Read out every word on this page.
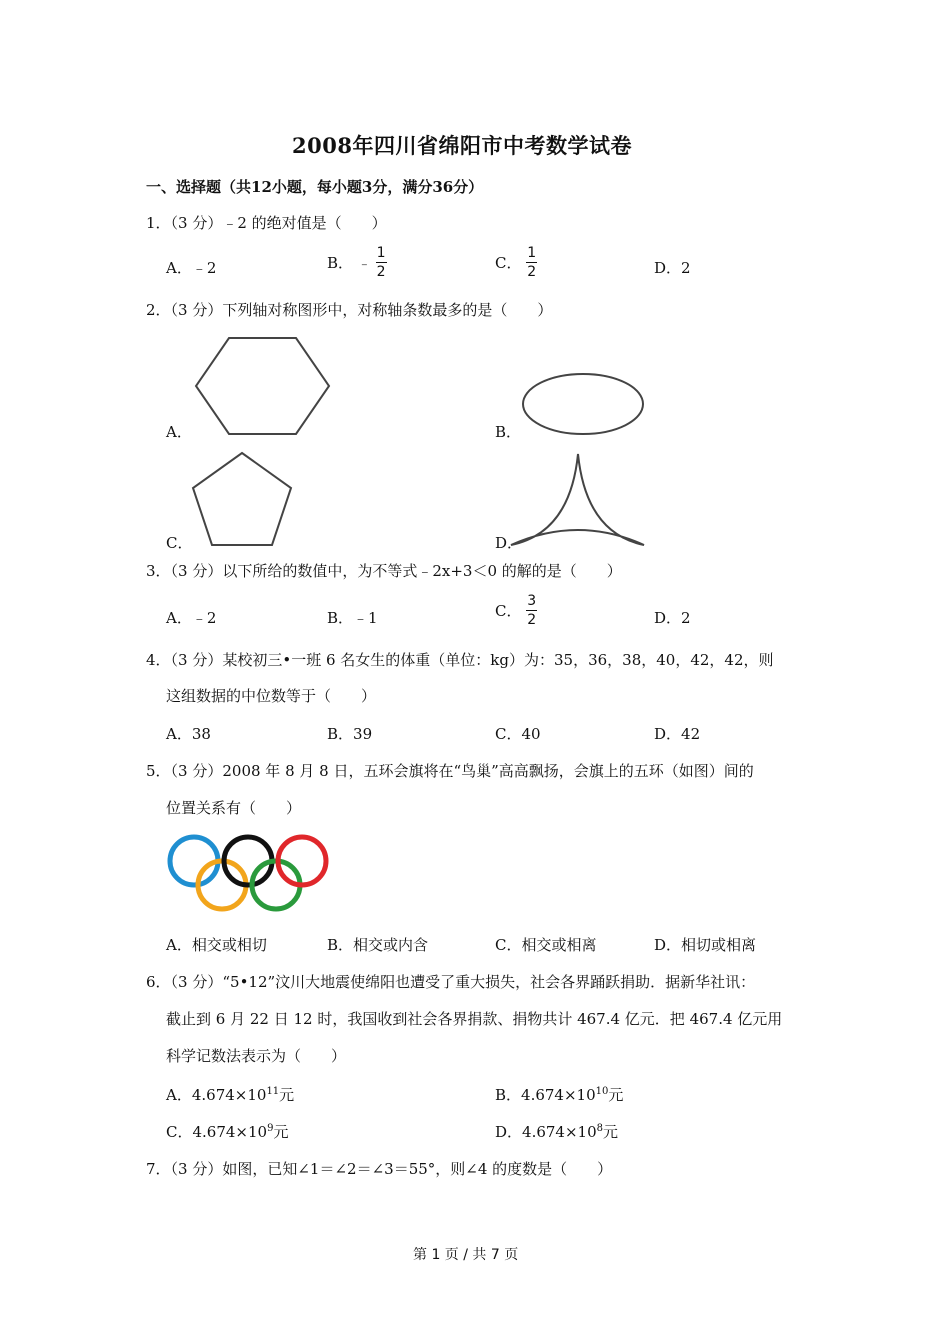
2008年四川省绵阳市中考数学试卷
一、选择题（共12小题，每小题3分，满分36分）
1．（3 分）﹣2 的绝对值是（　　）
A．﹣2	B． ﹣ $\frac{1}{2}$	C． $\frac{1}{2}$	D．2
2．（3 分）下列轴对称图形中，对称轴条数最多的是（　　）
A．	B．
C．	D．
3．（3 分）以下所给的数值中，为不等式﹣2x+3＜0 的解的是（　　）
A．﹣2	B．﹣1	C． $\frac{3}{2}$	D．2
4．（3 分）某校初三•一班 6 名女生的体重（单位：kg）为：35，36，38，40，42，42，则
这组数据的中位数等于（　　）
A．38	B．39	C．40	D．42
5．（3 分）2008 年 8 月 8 日，五环会旗将在“鸟巢”高高飘扬，会旗上的五环（如图）间的
位置关系有（　　）
A．相交或相切	B．相交或内含	C．相交或相离	D．相切或相离
6．（3 分）“5•12”汶川大地震使绵阳也遭受了重大损失，社会各界踊跃捐助．据新华社讯：
截止到 6 月 22 日 12 时，我国收到社会各界捐款、捐物共计 467.4 亿元．把 467.4 亿元用
科学记数法表示为（　　）
A．$4.674\times 10^{11}$元	B．$4.674\times 10^{10}$元
C．$4.674\times 10^9$元	D．$4.674\times 10^8$元
7．（3 分）如图，已知∠1＝∠2＝∠3＝55°，则∠4 的度数是（　　）
第 1 页 / 共 7 页
